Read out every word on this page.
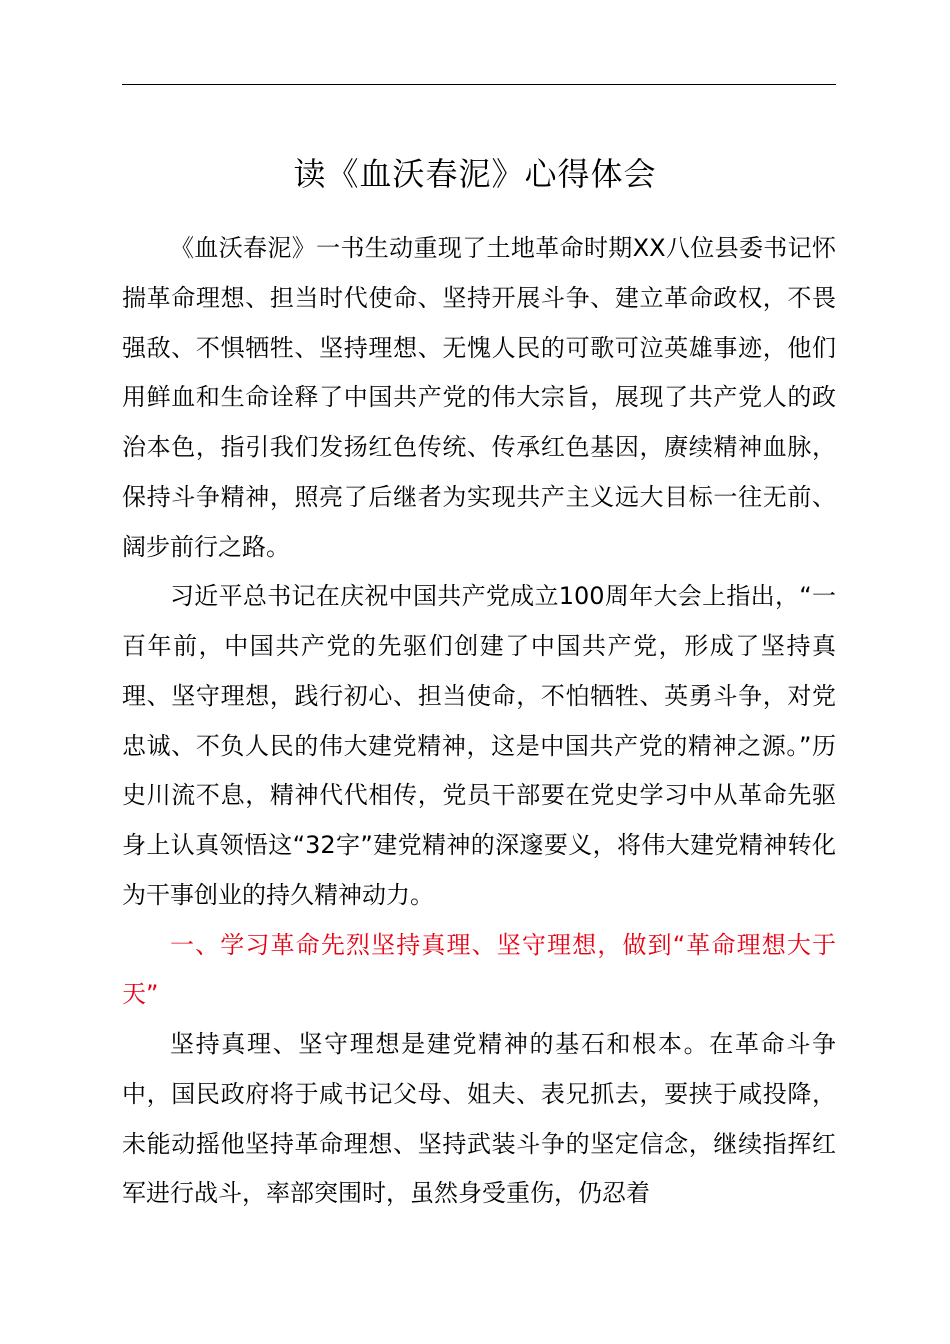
读《血沃春泥》心得体会

《血沃春泥》一书生动重现了土地革命时期XX八位县委书记怀揣革命理想、担当时代使命、坚持开展斗争、建立革命政权，不畏强敌、不惧牺牲、坚持理想、无愧人民的可歌可泣英雄事迹，他们用鲜血和生命诠释了中国共产党的伟大宗旨，展现了共产党人的政治本色，指引我们发扬红色传统、传承红色基因，赓续精神血脉，保持斗争精神，照亮了后继者为实现共产主义远大目标一往无前、阔步前行之路。

习近平总书记在庆祝中国共产党成立100周年大会上指出，“一百年前，中国共产党的先驱们创建了中国共产党，形成了坚持真理、坚守理想，践行初心、担当使命，不怕牺牲、英勇斗争，对党忠诚、不负人民的伟大建党精神，这是中国共产党的精神之源。”历史川流不息，精神代代相传，党员干部要在党史学习中从革命先驱身上认真领悟这“32字”建党精神的深邃要义，将伟大建党精神转化为干事创业的持久精神动力。

一、学习革命先烈坚持真理、坚守理想，做到“革命理想大于天”

坚持真理、坚守理想是建党精神的基石和根本。在革命斗争中，国民政府将于咸书记父母、姐夫、表兄抓去，要挟于咸投降，未能动摇他坚持革命理想、坚持武装斗争的坚定信念，继续指挥红军进行战斗，率部突围时，虽然身受重伤，仍忍着
